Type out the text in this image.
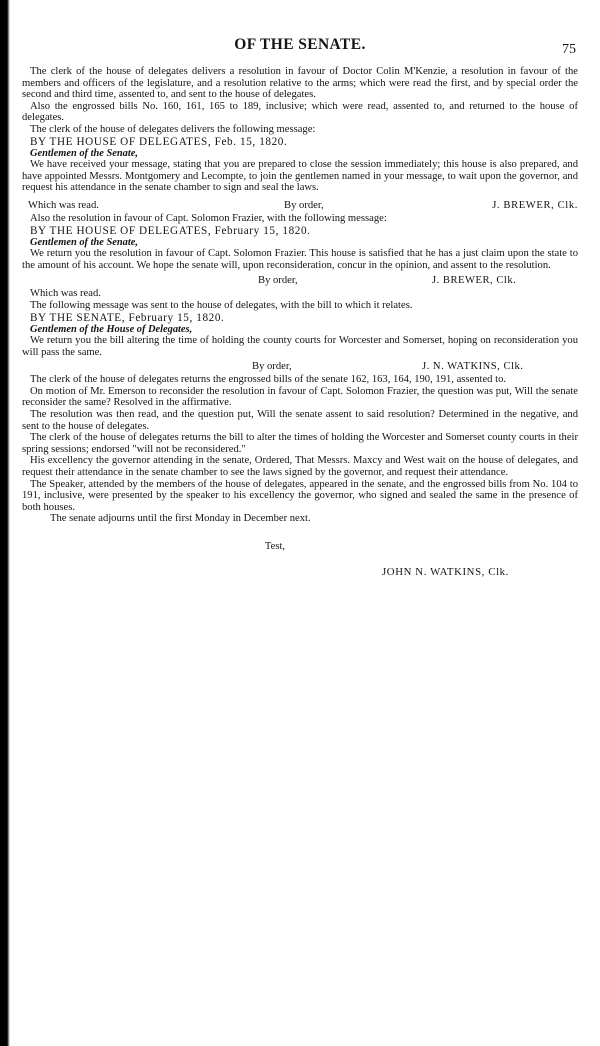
OF THE SENATE.	75

The clerk of the house of delegates delivers a resolution in favour of Doctor Colin M'Kenzie, a resolution in favour of the members and officers of the legislature, and a resolution relative to the arms; which were read the first, and by special order the second and third time, assented to, and sent to the house of delegates.

Also the engrossed bills No. 160, 161, 165 to 189, inclusive; which were read, assented to, and returned to the house of delegates.

The clerk of the house of delegates delivers the following message:

BY THE HOUSE OF DELEGATES, Feb. 15, 1820.

Gentlemen of the Senate,

We have received your message, stating that you are prepared to close the session immediately; this house is also prepared, and have appointed Messrs. Montgomery and Lecompte, to join the gentlemen named in your message, to wait upon the governor, and request his attendance in the senate chamber to sign and seal the laws.

Which was read.	By order,	J. BREWER, Clk.

Also the resolution in favour of Capt. Solomon Frazier, with the following message:

BY THE HOUSE OF DELEGATES, February 15, 1820.

Gentlemen of the Senate,

We return you the resolution in favour of Capt. Solomon Frazier. This house is satisfied that he has a just claim upon the state to the amount of his account. We hope the senate will, upon reconsideration, concur in the opinion, and assent to the resolution.

By order,	J. BREWER, Clk.

Which was read.

The following message was sent to the house of delegates, with the bill to which it relates.

BY THE SENATE, February 15, 1820.

Gentlemen of the House of Delegates,

We return you the bill altering the time of holding the county courts for Worcester and Somerset, hoping on reconsideration you will pass the same.

By order,	J. N. WATKINS, Clk.

The clerk of the house of delegates returns the engrossed bills of the senate 162, 163, 164, 190, 191, assented to.

On motion of Mr. Emerson to reconsider the resolution in favour of Capt. Solomon Frazier, the question was put, Will the senate reconsider the same? Resolved in the affirmative.

The resolution was then read, and the question put, Will the senate assent to said resolution? Determined in the negative, and sent to the house of delegates.

The clerk of the house of delegates returns the bill to alter the times of holding the Worcester and Somerset county courts in their spring sessions; endorsed "will not be reconsidered."

His excellency the governor attending in the senate, Ordered, That Messrs. Maxcy and West wait on the house of delegates, and request their attendance in the senate chamber to see the laws signed by the governor, and request their attendance.

The Speaker, attended by the members of the house of delegates, appeared in the senate, and the engrossed bills from No. 104 to 191, inclusive, were presented by the speaker to his excellency the governor, who signed and sealed the same in the presence of both houses.

The senate adjourns until the first Monday in December next.

Test,
JOHN N. WATKINS, Clk.
